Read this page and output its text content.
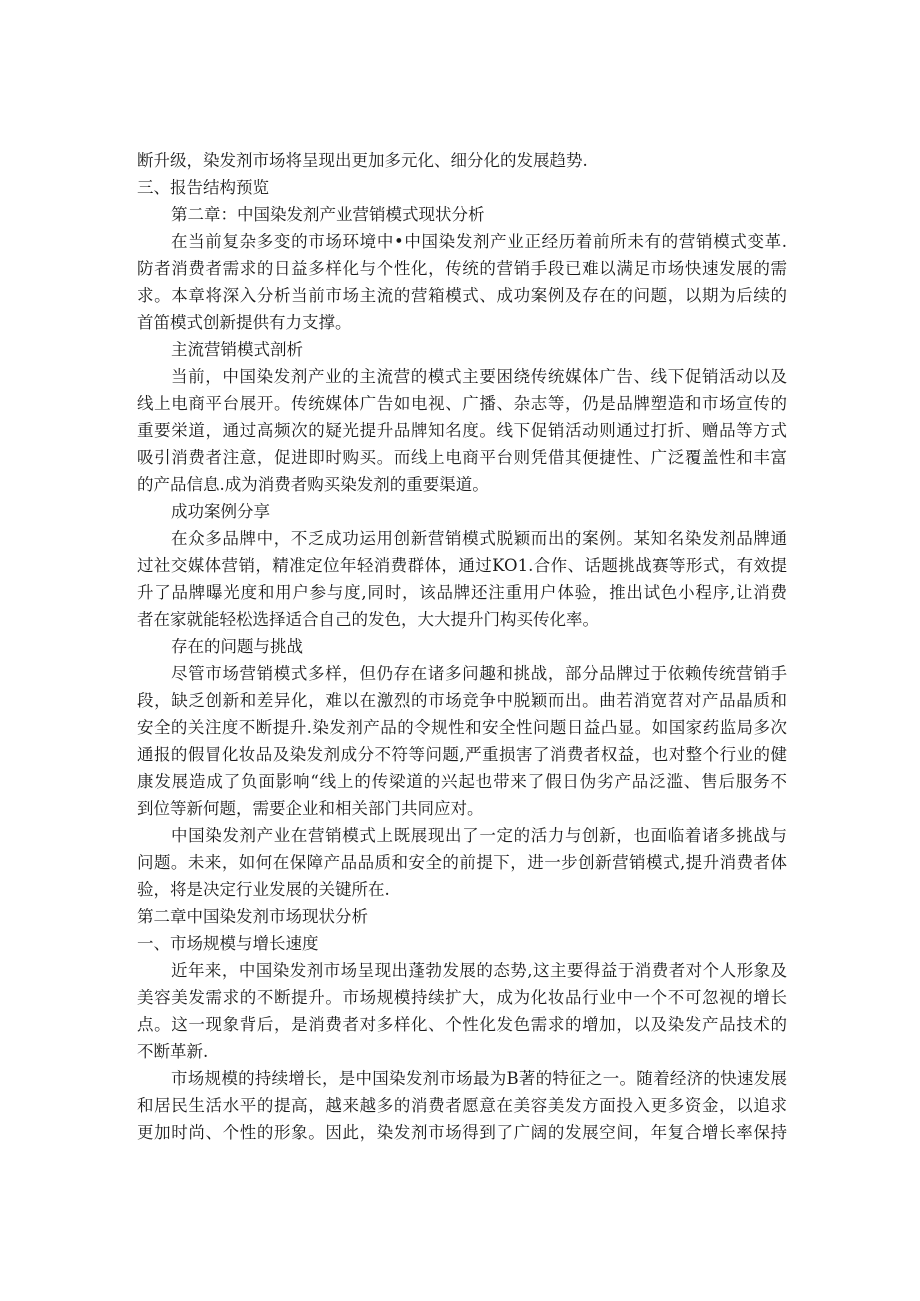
断升级，染发剂市场将呈现出更加多元化、细分化的发展趋势.
三、报告结构预览
第二章：中国染发剂产业营销模式现状分析
在当前复杂多变的市场环境中•中国染发剂产业正经历着前所未有的营销模式变革.
防者消费者需求的日益多样化与个性化，传统的营销手段已难以满足市场快速发展的需
求。本章将深入分析当前市场主流的营箱模式、成功案例及存在的问题，以期为后续的
首笛模式创新提供有力支撑。
主流营销模式剖析
当前，中国染发剂产业的主流营的模式主要困绕传统媒体广告、线下促销活动以及
线上电商平台展开。传统媒体广告如电视、广播、杂志等，仍是品牌塑造和市场宣传的
重要栄道，通过高频次的疑光提升品牌知名度。线下促销活动则通过打折、赠品等方式
吸引消费者注意，促进即时购买。而线上电商平台则凭借其便捷性、广泛覆盖性和丰富
的产品信息.成为消费者购买染发剂的重要渠道。
成功案例分享
在众多品牌中，不乏成功运用创新营销模式脱颖而出的案例。某知名染发剂品牌通
过社交媒体营销，精准定位年轻消费群体，通过KO1.合作、话题挑战赛等形式，有效提
升了品牌曝光度和用户参与度,同时，该品牌还注重用户体验，推出试色小程序,让消费
者在家就能轻松选择适合自己的发色，大大提升门构买传化率。
存在的问题与挑战
尽管市场营销模式多样，但仍存在诸多问趣和挑战，部分品牌过于依赖传统营销手
段，缺乏创新和差异化，难以在激烈的市场竞争中脱颖而出。曲若消宽苕对产品晶质和
安全的关注度不断提升.染发剂产品的令规性和安全性问题日益凸显。如国家药监局多次
通报的假冒化妆品及染发剂成分不符等问题,严重损害了消费者权益，也对整个行业的健
康发展造成了负面影响“线上的传梁道的兴起也带来了假日伪劣产品泛滥、售后服务不
到位等新何题，需要企业和相关部门共同应对。
中国染发剂产业在营销模式上既展现出了一定的活力与创新，也面临着诸多挑战与
问题。未来，如何在保障产品品质和安全的前提下，进一步创新营销模式,提升消费者体
验，将是决定行业发展的关键所在.
第二章中国染发剂市场现状分析
一、市场规模与增长速度
近年来，中国染发剂市场呈现出蓬勃发展的态势,这主要得益于消费者对个人形象及
美容美发需求的不断提升。市场规模持续扩大，成为化妆品行业中一个不可忽视的增长
点。这一现象背后，是消费者对多样化、个性化发色需求的增加，以及染发产品技术的
不断革新.
市场规模的持续增长，是中国染发剂市场最为B著的特征之一。随着经济的快速发展
和居民生活水平的提高，越来越多的消费者愿意在美容美发方面投入更多资金，以追求
更加时尚、个性的形象。因此，染发剂市场得到了广阔的发展空间，年复合增长率保持
